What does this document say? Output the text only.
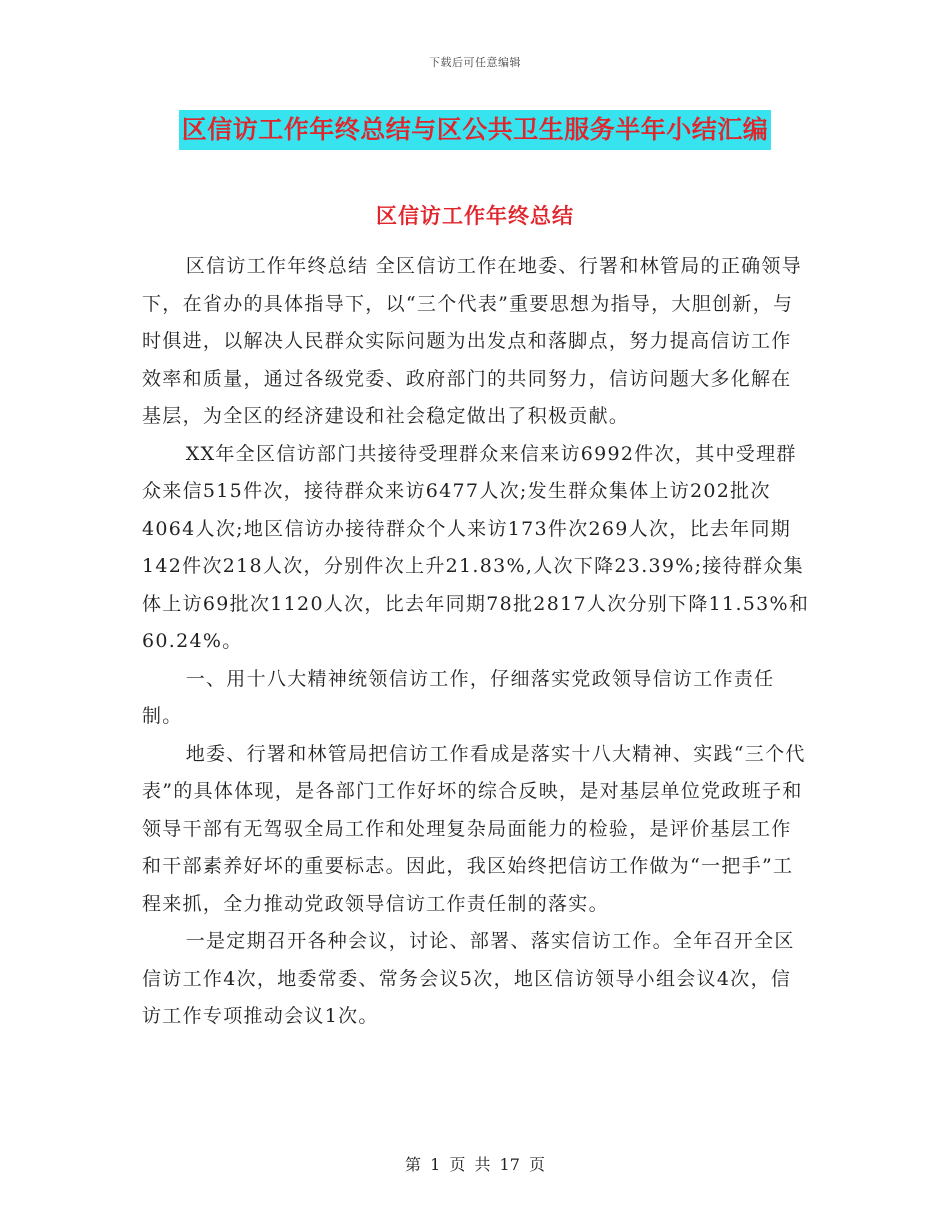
下载后可任意编辑
区信访工作年终总结与区公共卫生服务半年小结汇编
区信访工作年终总结

区信访工作年终总结 全区信访工作在地委、行署和林管局的正确领导下，在省办的具体指导下，以“三个代表”重要思想为指导，大胆创新，与时俱进，以解决人民群众实际问题为出发点和落脚点，努力提高信访工作效率和质量，通过各级党委、政府部门的共同努力，信访问题大多化解在基层，为全区的经济建设和社会稳定做出了积极贡献。

XX年全区信访部门共接待受理群众来信来访6992件次，其中受理群众来信515件次，接待群众来访6477人次;发生群众集体上访202批次4064人次;地区信访办接待群众个人来访173件次269人次，比去年同期142件次218人次，分别件次上升21.83%,人次下降23.39%;接待群众集体上访69批次1120人次，比去年同期78批2817人次分别下降11.53%和60.24%。

一、用十八大精神统领信访工作，仔细落实党政领导信访工作责任制。

地委、行署和林管局把信访工作看成是落实十八大精神、实践“三个代表”的具体体现，是各部门工作好坏的综合反映，是对基层单位党政班子和领导干部有无驾驭全局工作和处理复杂局面能力的检验，是评价基层工作和干部素养好坏的重要标志。因此，我区始终把信访工作做为“一把手”工程来抓，全力推动党政领导信访工作责任制的落实。

一是定期召开各种会议，讨论、部署、落实信访工作。全年召开全区信访工作4次，地委常委、常务会议5次，地区信访领导小组会议4次，信访工作专项推动会议1次。

第 1 页 共 17 页
